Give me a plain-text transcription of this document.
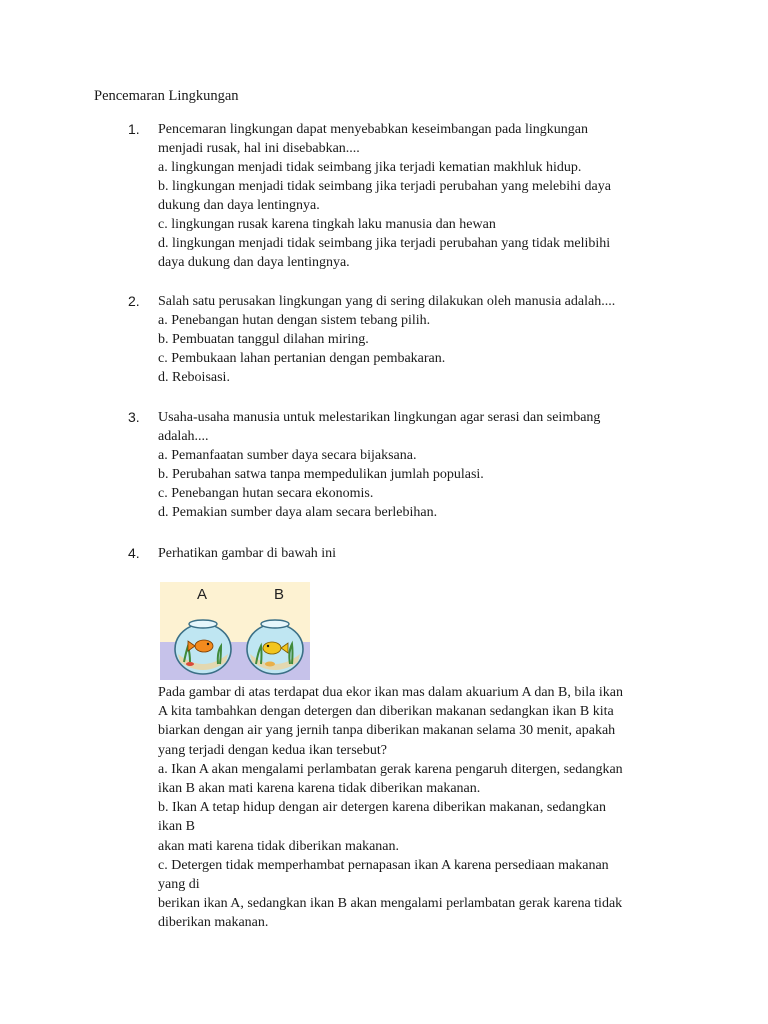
Pencemaran Lingkungan
1. Pencemaran lingkungan dapat menyebabkan keseimbangan pada lingkungan
menjadi rusak, hal ini disebabkan....
a. lingkungan menjadi tidak seimbang jika terjadi kematian makhluk hidup.
b. lingkungan menjadi tidak seimbang jika terjadi perubahan yang melebihi daya
dukung dan daya lentingnya.
c. lingkungan rusak karena tingkah laku manusia dan hewan
d. lingkungan menjadi tidak seimbang jika terjadi perubahan yang tidak melibihi
daya dukung dan daya lentingnya.
2. Salah satu perusakan lingkungan yang di sering dilakukan oleh manusia adalah....
a. Penebangan hutan dengan sistem tebang pilih.
b. Pembuatan tanggul dilahan miring.
c. Pembukaan lahan pertanian dengan pembakaran.
d. Reboisasi.
3. Usaha-usaha manusia untuk melestarikan lingkungan agar serasi dan seimbang
adalah....
a. Pemanfaatan sumber daya secara bijaksana.
b. Perubahan satwa tanpa mempedulikan jumlah populasi.
c. Penebangan hutan secara ekonomis.
d. Pemakian sumber daya alam secara berlebihan.
4. Perhatikan gambar di bawah ini
A	B
Pada gambar di atas terdapat dua ekor ikan mas dalam akuarium A dan B, bila ikan
A kita tambahkan dengan detergen dan diberikan makanan sedangkan ikan B kita
biarkan dengan air yang jernih tanpa diberikan makanan selama 30 menit, apakah
yang terjadi dengan kedua ikan tersebut?
a. Ikan A akan mengalami perlambatan gerak karena pengaruh ditergen, sedangkan
ikan B akan mati karena karena tidak diberikan makanan.
b. Ikan A tetap hidup dengan air detergen karena diberikan makanan, sedangkan
ikan B
akan mati karena tidak diberikan makanan.
c. Detergen tidak memperhambat pernapasan ikan A karena persediaan makanan
yang di
berikan ikan A, sedangkan ikan B akan mengalami perlambatan gerak karena tidak
diberikan makanan.
